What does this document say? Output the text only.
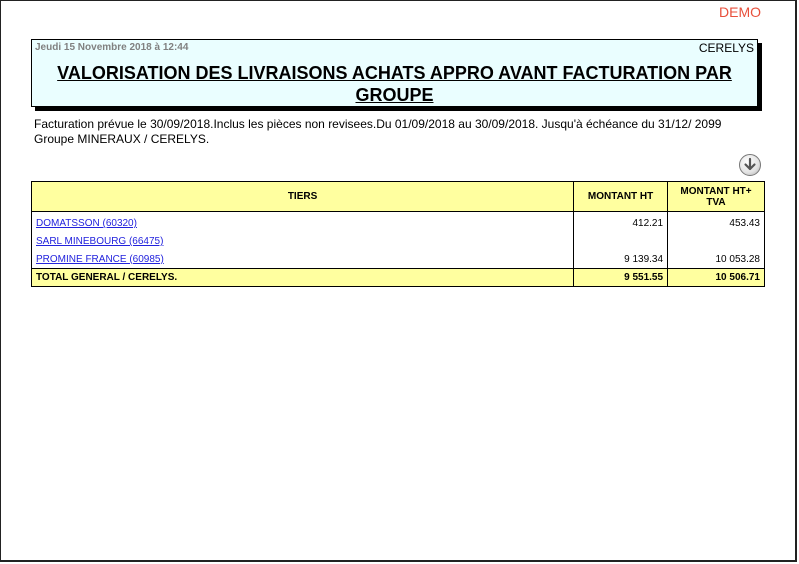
DEMO
Jeudi 15 Novembre 2018 à 12:44	CERELYS
VALORISATION DES LIVRAISONS ACHATS APPRO AVANT FACTURATION PAR
GROUPE
Facturation prévue le 30/09/2018.Inclus les pièces non revisees.Du 01/09/2018 au 30/09/2018. Jusqu'à échéance du 31/12/ 2099 Groupe MINERAUX / CERELYS.
TIERS	MONTANT HT	MONTANT HT+
TVA
DOMATSSON (60320)	412.21	453.43
SARL MINEBOURG (66475)		
PROMINE FRANCE (60985)	9 139.34	10 053.28
TOTAL GENERAL / CERELYS.	9 551.55	10 506.71
